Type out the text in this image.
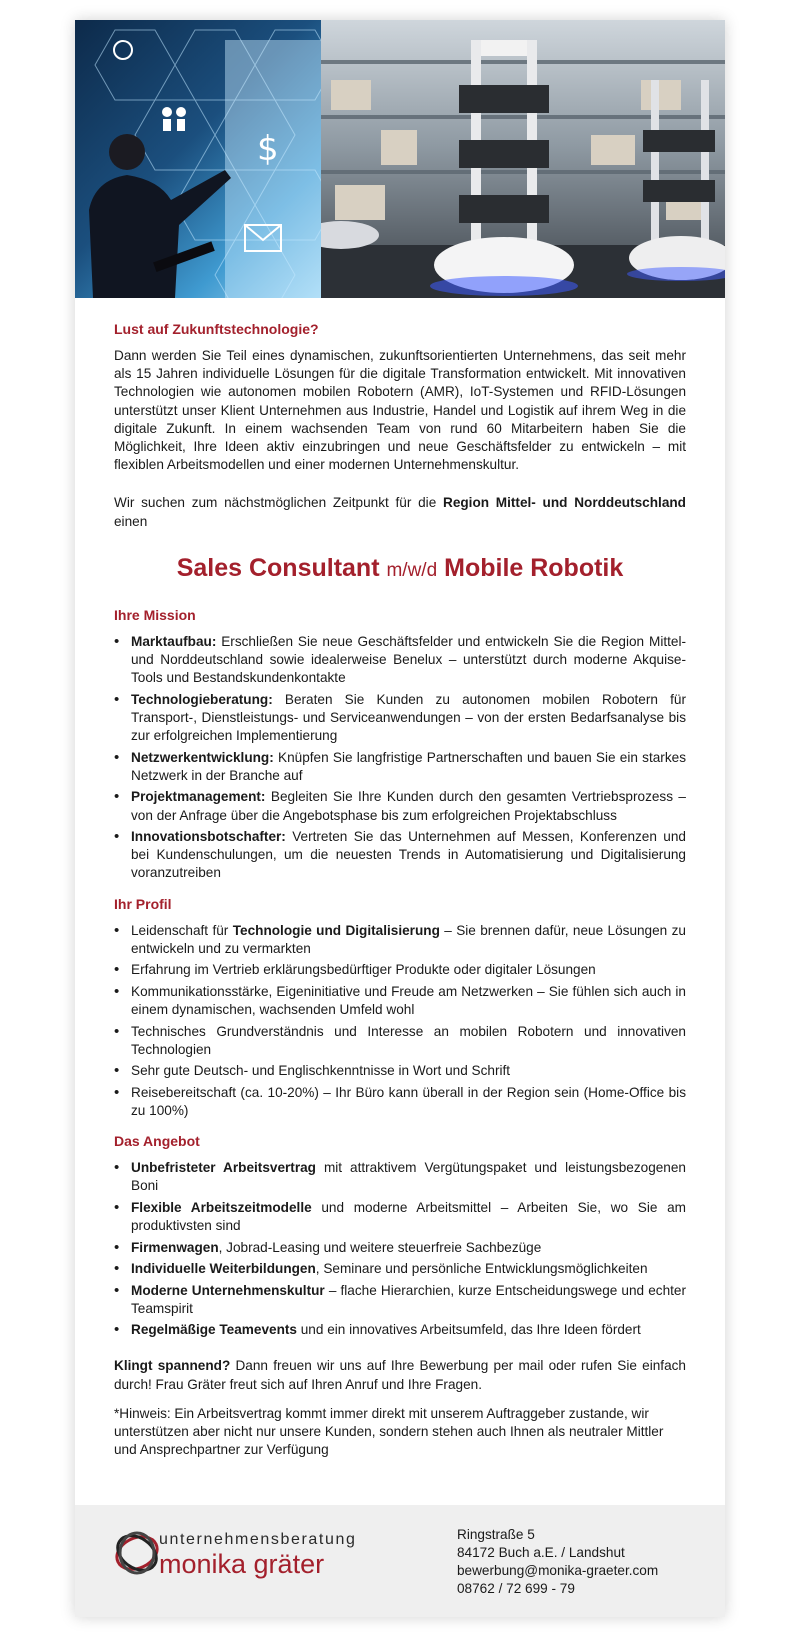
$
Lust auf Zukunftstechnologie?

Dann werden Sie Teil eines dynamischen, zukunftsorientierten Unternehmens, das seit mehr als 15 Jahren individuelle Lösungen für die digitale Transformation entwickelt. Mit innovativen Technologien wie autonomen mobilen Robotern (AMR), IoT-Systemen und RFID-Lösungen unterstützt unser Klient Unternehmen aus Industrie, Handel und Logistik auf ihrem Weg in die digitale Zukunft. In einem wachsenden Team von rund 60 Mitarbeitern haben Sie die Möglichkeit, Ihre Ideen aktiv einzubringen und neue Geschäftsfelder zu entwickeln – mit flexiblen Arbeitsmodellen und einer modernen Unternehmenskultur.

Wir suchen zum nächstmöglichen Zeitpunkt für die Region Mittel- und Norddeutschland einen

Sales Consultant m/w/d Mobile Robotik
Ihre Mission
• Marktaufbau: Erschließen Sie neue Geschäftsfelder und entwickeln Sie die Region Mittel- und Norddeutschland sowie idealerweise Benelux – unterstützt durch moderne Akquise-Tools und Bestandskundenkontakte
• Technologieberatung: Beraten Sie Kunden zu autonomen mobilen Robotern für Transport-, Dienstleistungs- und Serviceanwendungen – von der ersten Bedarfsanalyse bis zur erfolgreichen Implementierung
• Netzwerkentwicklung: Knüpfen Sie langfristige Partnerschaften und bauen Sie ein starkes Netzwerk in der Branche auf
• Projektmanagement: Begleiten Sie Ihre Kunden durch den gesamten Vertriebsprozess – von der Anfrage über die Angebotsphase bis zum erfolgreichen Projektabschluss
• Innovationsbotschafter: Vertreten Sie das Unternehmen auf Messen, Konferenzen und bei Kundenschulungen, um die neuesten Trends in Automatisierung und Digitalisierung voranzutreiben
Ihr Profil
• Leidenschaft für Technologie und Digitalisierung – Sie brennen dafür, neue Lösungen zu entwickeln und zu vermarkten
• Erfahrung im Vertrieb erklärungsbedürftiger Produkte oder digitaler Lösungen
• Kommunikationsstärke, Eigeninitiative und Freude am Netzwerken – Sie fühlen sich auch in einem dynamischen, wachsenden Umfeld wohl
• Technisches Grundverständnis und Interesse an mobilen Robotern und innovativen Technologien
• Sehr gute Deutsch- und Englischkenntnisse in Wort und Schrift
• Reisebereitschaft (ca. 10-20%) – Ihr Büro kann überall in der Region sein (Home-Office bis zu 100%)
Das Angebot
• Unbefristeter Arbeitsvertrag mit attraktivem Vergütungspaket und leistungsbezogenen Boni
• Flexible Arbeitszeitmodelle und moderne Arbeitsmittel – Arbeiten Sie, wo Sie am produktivsten sind
• Firmenwagen, Jobrad-Leasing und weitere steuerfreie Sachbezüge
• Individuelle Weiterbildungen, Seminare und persönliche Entwicklungsmöglichkeiten
• Moderne Unternehmenskultur – flache Hierarchien, kurze Entscheidungswege und echter Teamspirit
• Regelmäßige Teamevents und ein innovatives Arbeitsumfeld, das Ihre Ideen fördert

Klingt spannend? Dann freuen wir uns auf Ihre Bewerbung per mail oder rufen Sie einfach durch! Frau Gräter freut sich auf Ihren Anruf und Ihre Fragen.

*Hinweis: Ein Arbeitsvertrag kommt immer direkt mit unserem Auftraggeber zustande, wir unterstützen aber nicht nur unsere Kunden, sondern stehen auch Ihnen als neutraler Mittler und Ansprechpartner zur Verfügung

unternehmensberatung
monika gräter
Ringstraße 5
84172 Buch a.E. / Landshut
bewerbung@monika-graeter.com
08762 / 72 699 - 79
